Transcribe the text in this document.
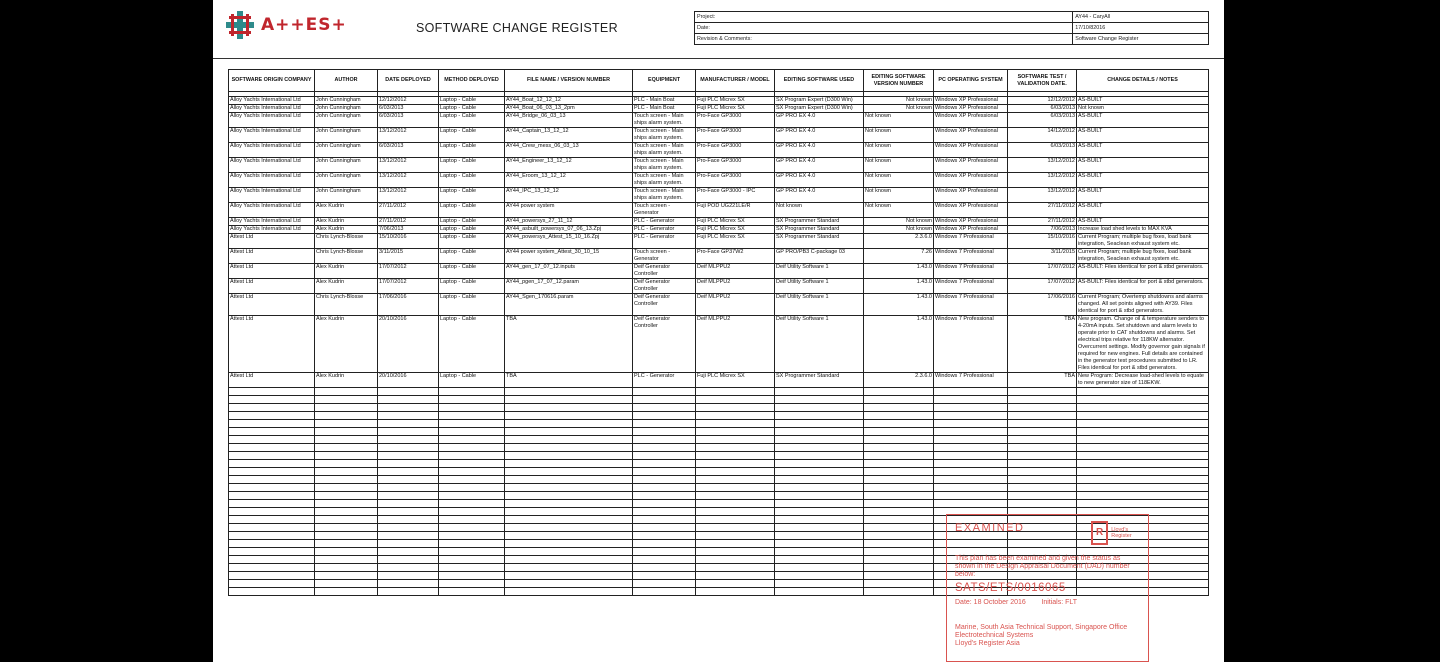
A++ES+	SOFTWARE CHANGE REGISTER
Project:	AY44 - CaryAll
Date:	17/10/82016
Revision & Comments:	Software Change Register
SOFTWARE ORIGIN COMPANY	AUTHOR	DATE DEPLOYED	METHOD DEPLOYED	FILE NAME / VERSION NUMBER	EQUIPMENT	MANUFACTURER / MODEL	EDITING SOFTWARE USED	EDITING SOFTWARE VERSION NUMBER	PC OPERATING SYSTEM	SOFTWARE TEST / VALIDATION DATE.	CHANGE DETAILS / NOTES

Alloy Yachts International Ltd	John Cunningham	12/12/2012	Laptop - Cable	AY44_Boat_12_12_12	PLC - Main Boat	Fuji PLC Micrex SX	SX Program Expert (D300 Win)	Not known	Windows XP Professional	12/12/2012	AS-BUILT
Alloy Yachts International Ltd	John Cunningham	6/03/2013	Laptop - Cable	AY44_Boat_06_03_13_2pm	PLC - Main Boat	Fuji PLC Micrex SX	SX Program Expert (D300 Win)	Not known	Windows XP Professional	6/03/2013	Not known
Alloy Yachts International Ltd	John Cunningham	6/03/2013	Laptop - Cable	AY44_Bridge_06_03_13	Touch screen - Main ships alarm system.	Pro-Face GP3000	GP PRO EX 4.0	Not known	Windows XP Professional	6/03/2013	AS-BUILT
Alloy Yachts International Ltd	John Cunningham	13/12/2012	Laptop - Cable	AY44_Captain_13_12_12	Touch screen - Main ships alarm system.	Pro-Face GP3000	GP PRO EX 4.0	Not known	Windows XP Professional	14/12/2012	AS-BUILT
Alloy Yachts International Ltd	John Cunningham	6/03/2013	Laptop - Cable	AY44_Crew_mess_06_03_13	Touch screen - Main ships alarm system.	Pro-Face GP3000	GP PRO EX 4.0	Not known	Windows XP Professional	6/03/2013	AS-BUILT
Alloy Yachts International Ltd	John Cunningham	13/12/2012	Laptop - Cable	AY44_Engineer_13_12_12	Touch screen - Main ships alarm system.	Pro-Face GP3000	GP PRO EX 4.0	Not known	Windows XP Professional	13/12/2012	AS-BUILT
Alloy Yachts International Ltd	John Cunningham	13/12/2012	Laptop - Cable	AY44_Eroom_13_12_12	Touch screen - Main ships alarm system.	Pro-Face GP3000	GP PRO EX 4.0	Not known	Windows XP Professional	13/12/2012	AS-BUILT
Alloy Yachts International Ltd	John Cunningham	13/12/2012	Laptop - Cable	AY44_IPC_13_12_12	Touch screen - Main ships alarm system.	Pro-Face GP3000 - IPC	GP PRO EX 4.0	Not known	Windows XP Professional	13/12/2012	AS-BUILT
Alloy Yachts International Ltd	Alex Kudrin	27/11/2012	Laptop - Cable	AY44 power system	Touch screen - Generator	Fuji POD UG221LE/R	Not known	Not known	Windows XP Professional	27/11/2012	AS-BUILT
Alloy Yachts International Ltd	Alex Kudrin	27/11/2012	Laptop - Cable	AY44_powersys_27_11_12	PLC - Generator	Fuji PLC Micrex SX	SX Programmer Standard	Not known	Windows XP Professional	27/11/2012	AS-BUILT
Alloy Yachts International Ltd	Alex Kudrin	7/06/2013	Laptop - Cable	AY44_asbuilt_powersys_07_06_13.Zpj	PLC - Generator	Fuji PLC Micrex SX	SX Programmer Standard	Not known	Windows XP Professional	7/06/2013	Increase load shed levels to MAX KVA
Attest Ltd	Chris Lynch-Blosse	15/10/2016	Laptop - Cable	AY44_powersys_Attest_15_10_16.Zpj	PLC - Generator	Fuji PLC Micrex SX	SX Programmer Standard	2.3.6.0	Windows 7 Professional	15/10/2016	Current Program; multiple bug fixes, load bank integration, Seaclean exhaust system etc.
Attest Ltd	Chris Lynch-Blosse	3/11/2015	Laptop - Cable	AY44 power system_Attest_30_10_15	Touch screen - Generator	Pro-Face GP37W2	GP PRO/PB3 C-package 03	7.26	Windows 7 Professional	3/11/2015	Current Program; multiple bug fixes, load bank integration, Seaclean exhaust system etc.
Attest Ltd	Alex Kudrin	17/07/2012	Laptop - Cable	AY44_gen_17_07_12.inputs	Deif Generator Controller	Deif MLPPU2	Deif Utility Software 1	1.43.0	Windows 7 Professional	17/07/2012	AS-BUILT: Files identical for port & stbd generators.
Attest Ltd	Alex Kudrin	17/07/2012	Laptop - Cable	AY44_pgen_17_07_12.param	Deif Generator Controller	Deif MLPPU2	Deif Utility Software 1	1.43.0	Windows 7 Professional	17/07/2012	AS-BUILT: Files identical for port & stbd generators.
Attest Ltd	Chris Lynch-Blosse	17/06/2016	Laptop - Cable	AY44_Sgen_170616.param	Deif Generator Controller	Deif MLPPU2	Deif Utility Software 1	1.43.0	Windows 7 Professional	17/06/2016	Current Program; Overtemp shutdowns and alarms changed. All set points aligned with AY39. Files identical for port & stbd generators.
Attest Ltd	Alex Kudrin	20/10/2016	Laptop - Cable	TBA	Deif Generator Controller	Deif MLPPU2	Deif Utility Software 1	1.43.0	Windows 7 Professional	TBA	New program. Change oil & temperature senders to 4-20mA inputs. Set shutdown and alarm levels to operate prior to CAT shutdowns and alarms. Set electrical trips relative for 118KW alternator. Overcurrent settings. Modify governor gain signals if required for new engines. Full details are contained in the generator test procedures submitted to LR. Files identical for port & stbd generators.
Attest Ltd	Alex Kudrin	20/10/2016	Laptop - Cable	TBA	PLC - Generator	Fuji PLC Micrex SX	SX Programmer Standard	2.3.6.0	Windows 7 Professional	TBA	New Program: Decrease load-shed levels to equate to new generator size of 118EKW.

EXAMINED	R	Lloyd's Register
This plan has been examined and given the status as shown in the Design Appraisal Document (DAD) number below:
SATS/ETS/0016065
Date: 18 October 2016 Initials: FLT
Marine, South Asia Technical Support, Singapore Office
Electrotechnical Systems
Lloyd's Register Asia
